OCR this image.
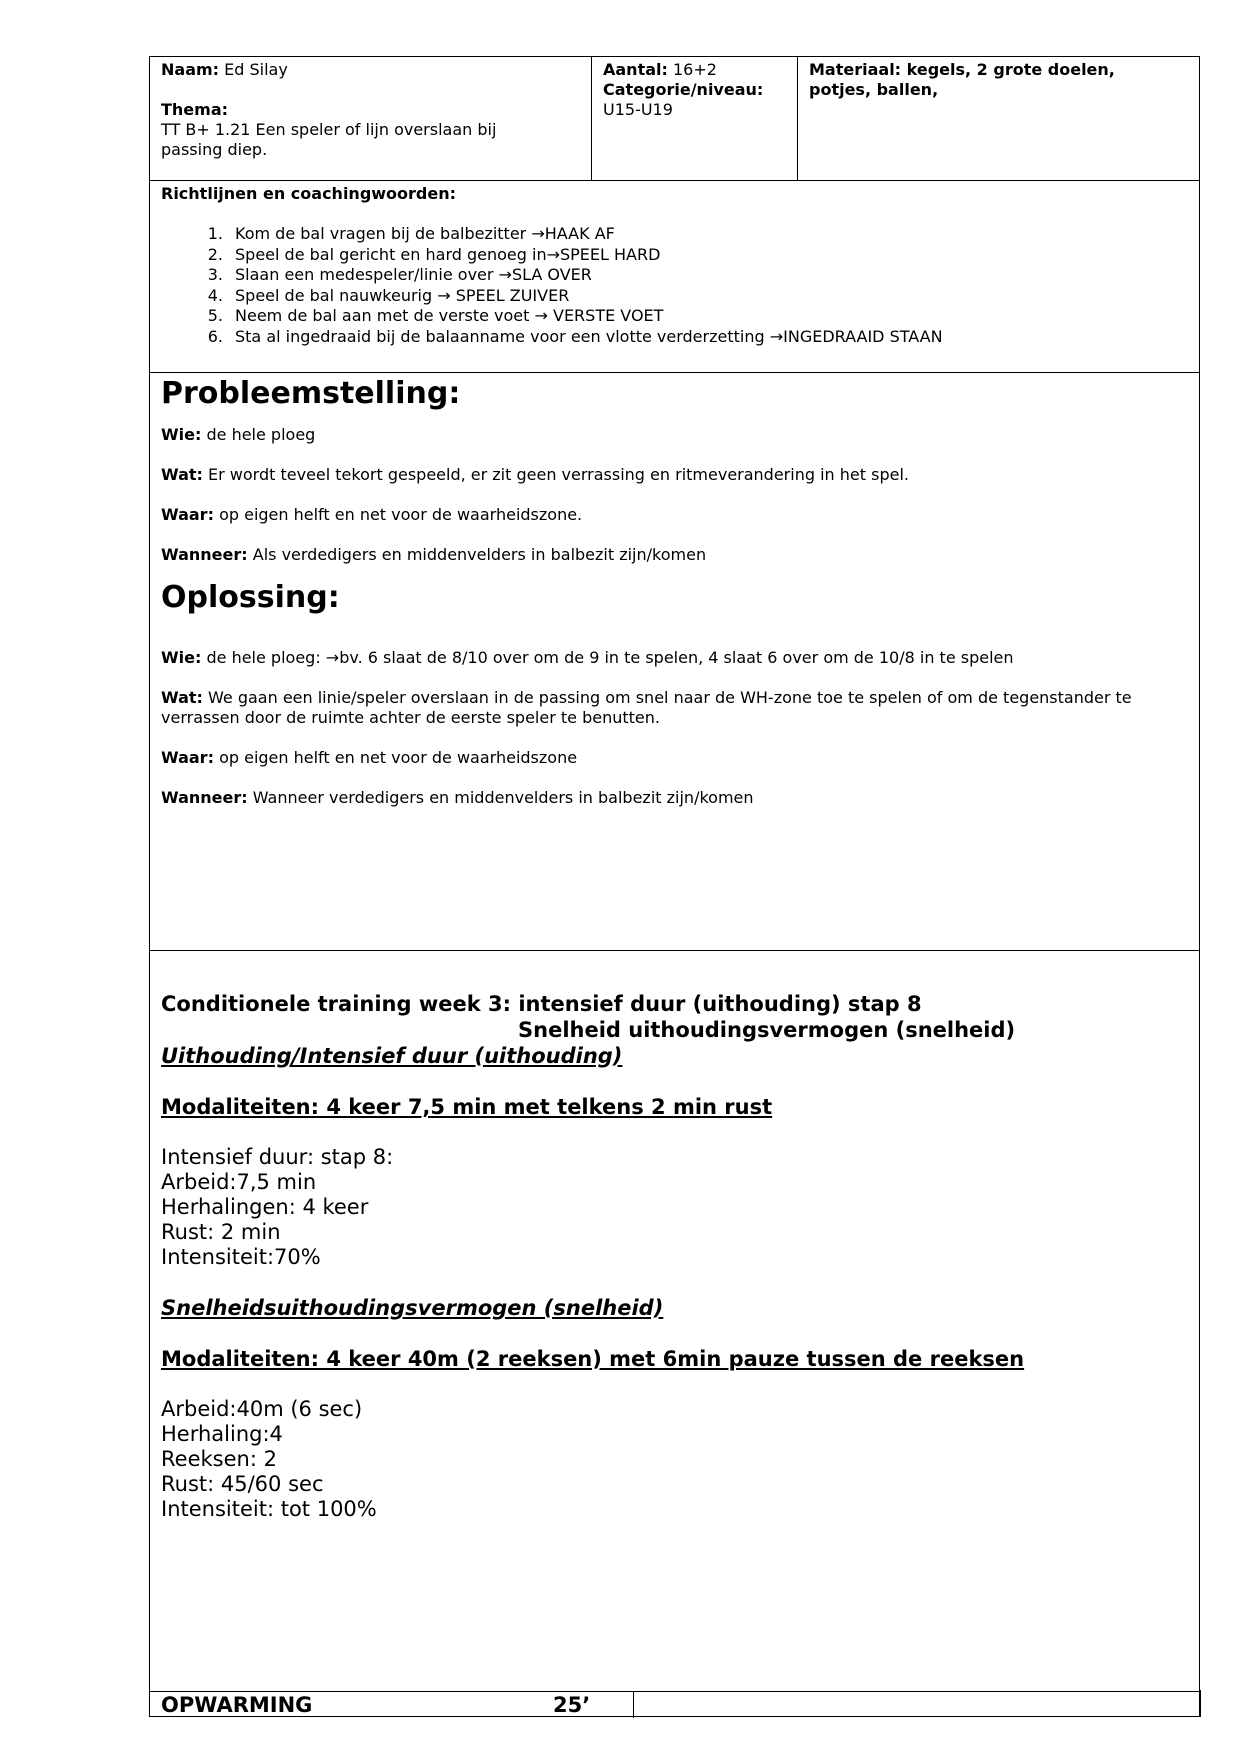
Naam: Ed Silay
Thema:
TT B+ 1.21 Een speler of lijn overslaan bij passing diep.
Aantal: 16+2
Categorie/niveau:
U15-U19
Materiaal: kegels, 2 grote doelen, potjes, ballen,
Richtlijnen en coachingwoorden:
1. Kom de bal vragen bij de balbezitter →HAAK AF
2. Speel de bal gericht en hard genoeg in→SPEEL HARD
3. Slaan een medespeler/linie over →SLA OVER
4. Speel de bal nauwkeurig → SPEEL ZUIVER
5. Neem de bal aan met de verste voet → VERSTE VOET
6. Sta al ingedraaid bij de balaanname voor een vlotte verderzetting →INGEDRAAID STAAN
Probleemstelling:

Wie: de hele ploeg

Wat: Er wordt teveel tekort gespeeld, er zit geen verrassing en ritmeverandering in het spel.

Waar: op eigen helft en net voor de waarheidszone.

Wanneer: Als verdedigers en middenvelders in balbezit zijn/komen

Oplossing:

Wie: de hele ploeg: →bv. 6 slaat de 8/10 over om de 9 in te spelen, 4 slaat 6 over om de 10/8 in te spelen

Wat: We gaan een linie/speler overslaan in de passing om snel naar de WH-zone toe te spelen of om de tegenstander te verrassen door de ruimte achter de eerste speler te benutten.

Waar: op eigen helft en net voor de waarheidszone

Wanneer: Wanneer verdedigers en middenvelders in balbezit zijn/komen

Conditionele training week 3: intensief duur (uithouding) stap 8
Snelheid uithoudingsvermogen (snelheid)
Uithouding/Intensief duur (uithouding)
Modaliteiten: 4 keer 7,5 min met telkens 2 min rust
Intensief duur: stap 8:
Arbeid:7,5 min
Herhalingen: 4 keer
Rust: 2 min
Intensiteit:70%
Snelheidsuithoudingsvermogen (snelheid)
Modaliteiten: 4 keer 40m (2 reeksen) met 6min pauze tussen de reeksen
Arbeid:40m (6 sec)
Herhaling:4
Reeksen: 2
Rust: 45/60 sec
Intensiteit: tot 100%
OPWARMING	25’
